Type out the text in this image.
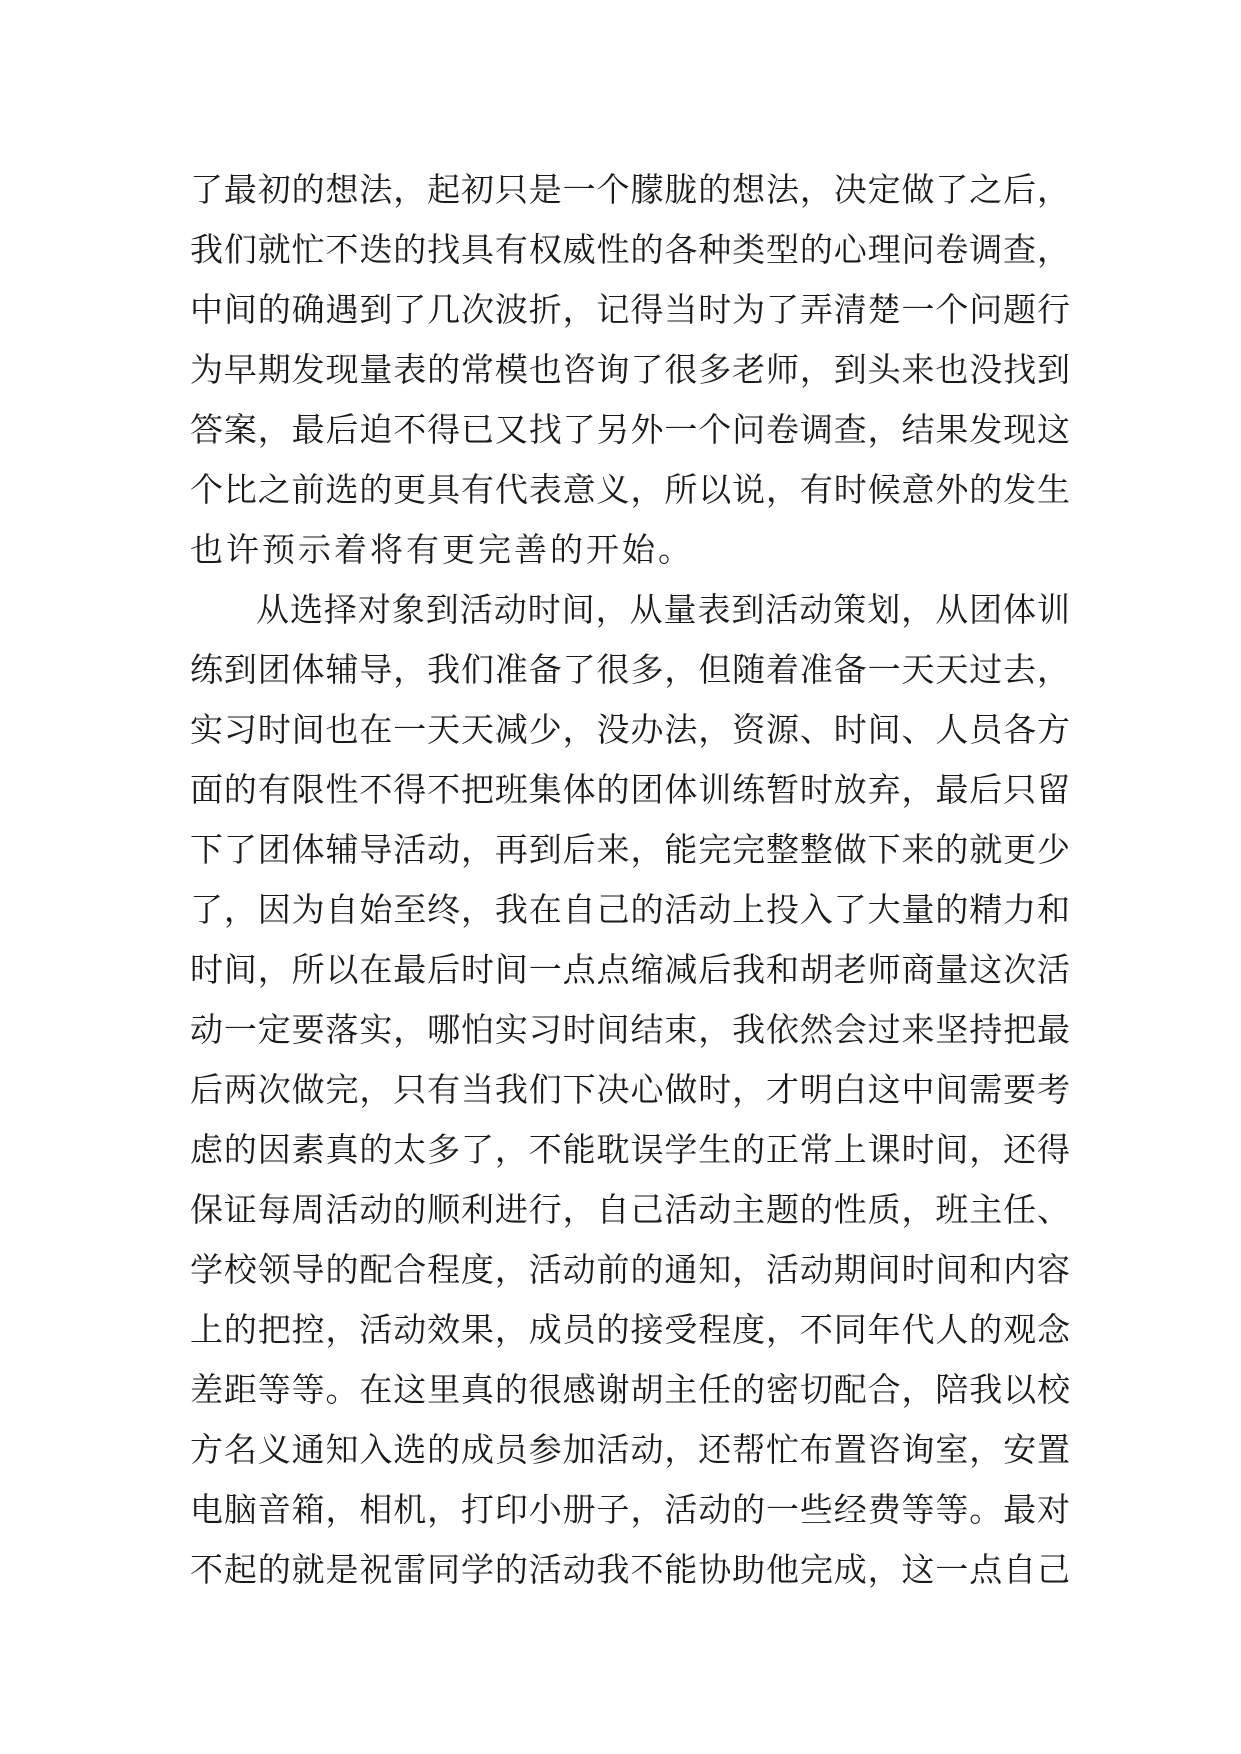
了最初的想法，起初只是一个朦胧的想法，决定做了之后，
我们就忙不迭的找具有权威性的各种类型的心理问卷调查，
中间的确遇到了几次波折，记得当时为了弄清楚一个问题行
为早期发现量表的常模也咨询了很多老师，到头来也没找到
答案，最后迫不得已又找了另外一个问卷调查，结果发现这
个比之前选的更具有代表意义，所以说，有时候意外的发生
也许预示着将有更完善的开始。
从选择对象到活动时间，从量表到活动策划，从团体训
练到团体辅导，我们准备了很多，但随着准备一天天过去，
实习时间也在一天天减少，没办法，资源、时间、人员各方
面的有限性不得不把班集体的团体训练暂时放弃，最后只留
下了团体辅导活动，再到后来，能完完整整做下来的就更少
了，因为自始至终，我在自己的活动上投入了大量的精力和
时间，所以在最后时间一点点缩减后我和胡老师商量这次活
动一定要落实，哪怕实习时间结束，我依然会过来坚持把最
后两次做完，只有当我们下决心做时，才明白这中间需要考
虑的因素真的太多了，不能耽误学生的正常上课时间，还得
保证每周活动的顺利进行，自己活动主题的性质，班主任、
学校领导的配合程度，活动前的通知，活动期间时间和内容
上的把控，活动效果，成员的接受程度，不同年代人的观念
差距等等。在这里真的很感谢胡主任的密切配合，陪我以校
方名义通知入选的成员参加活动，还帮忙布置咨询室，安置
电脑音箱，相机，打印小册子，活动的一些经费等等。最对
不起的就是祝雷同学的活动我不能协助他完成，这一点自己
